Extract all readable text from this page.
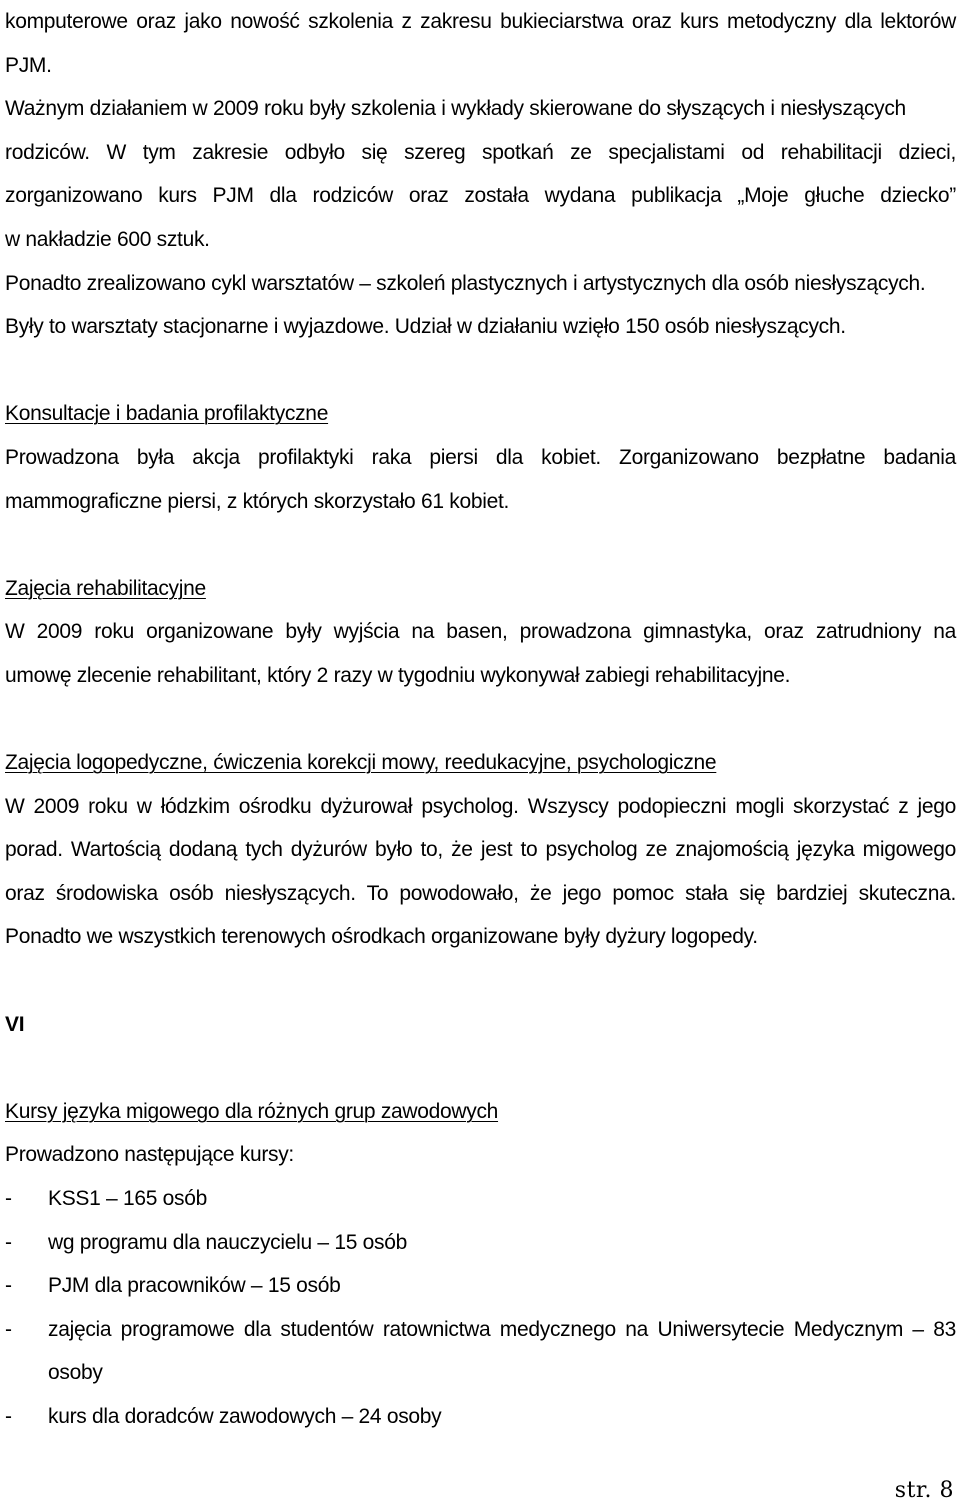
komputerowe oraz jako nowość szkolenia z zakresu bukieciarstwa oraz kurs metodyczny dla lektorów
PJM.
Ważnym działaniem w 2009 roku były szkolenia i wykłady skierowane do słyszących i niesłyszących
rodziców. W tym zakresie odbyło się szereg spotkań ze specjalistami od rehabilitacji dzieci,
zorganizowano kurs PJM dla rodziców oraz została wydana publikacja „Moje głuche dziecko”
w nakładzie 600 sztuk.
Ponadto zrealizowano cykl warsztatów – szkoleń plastycznych i artystycznych dla osób niesłyszących.
Były to warsztaty stacjonarne i wyjazdowe. Udział w działaniu wzięło 150 osób niesłyszących.

Konsultacje i badania profilaktyczne

Prowadzona była akcja profilaktyki raka piersi dla kobiet. Zorganizowano bezpłatne badania
mammograficzne piersi, z których skorzystało 61 kobiet.

Zajęcia rehabilitacyjne

W 2009 roku organizowane były wyjścia na basen, prowadzona gimnastyka, oraz zatrudniony na
umowę zlecenie rehabilitant, który 2 razy w tygodniu wykonywał zabiegi rehabilitacyjne.

Zajęcia logopedyczne, ćwiczenia korekcji mowy, reedukacyjne, psychologiczne

W 2009 roku w łódzkim ośrodku dyżurował psycholog. Wszyscy podopieczni mogli skorzystać z jego
porad. Wartością dodaną tych dyżurów było to, że jest to psycholog ze znajomością języka migowego
oraz środowiska osób niesłyszących. To powodowało, że jego pomoc stała się bardziej skuteczna.
Ponadto we wszystkich terenowych ośrodkach organizowane były dyżury logopedy.

VI

Kursy języka migowego dla różnych grup zawodowych

Prowadzono następujące kursy:

- KSS1 – 165 osób
- wg programu dla nauczycielu – 15 osób
- PJM dla pracowników – 15 osób
- zajęcia programowe dla studentów ratownictwa medycznego na Uniwersytecie Medycznym – 83
osoby
- kurs dla doradców zawodowych – 24 osoby
str. 8
